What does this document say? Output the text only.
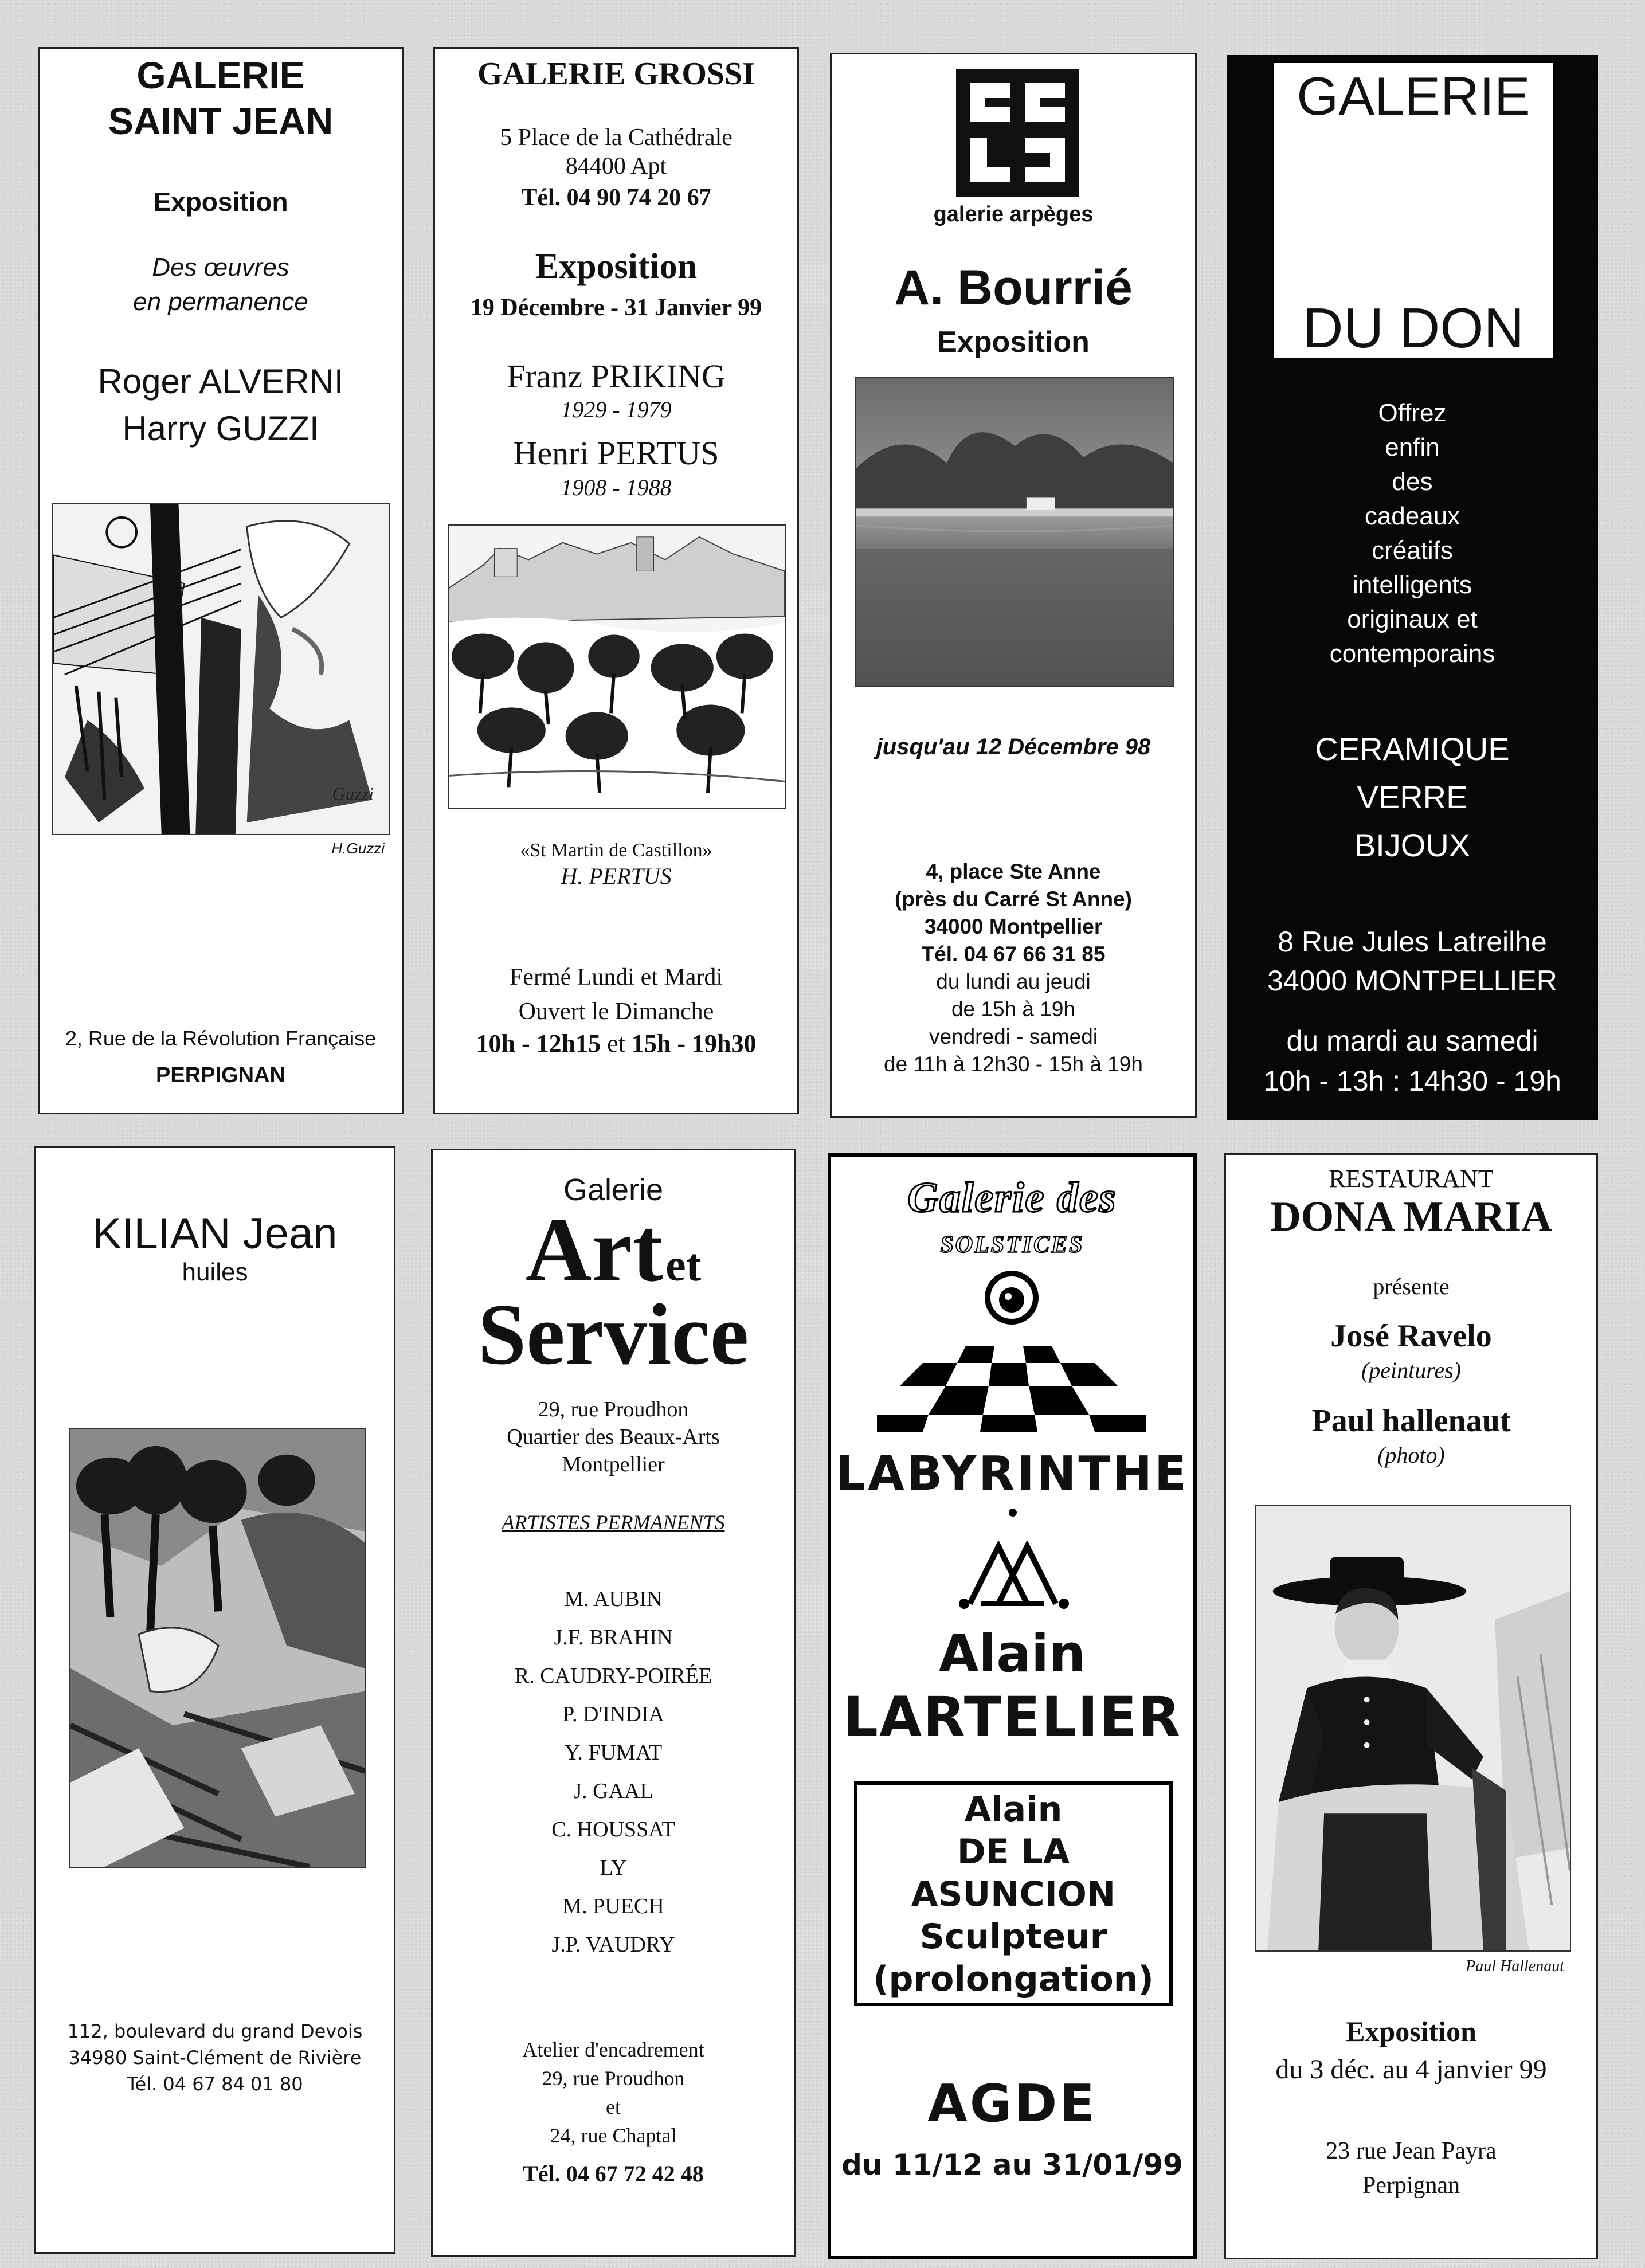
GALERIE
SAINT JEAN
Exposition
Des œuvres
en permanence
Roger ALVERNI
Harry GUZZI
Guzzi
H.Guzzi
2, Rue de la Révolution Française
PERPIGNAN
GALERIE GROSSI
5 Place de la Cathédrale
84400 Apt
Tél. 04 90 74 20 67
Exposition
19 Décembre - 31 Janvier 99
Franz PRIKING
1929 - 1979
Henri PERTUS
1908 - 1988
«St Martin de Castillon»
H. PERTUS
Fermé Lundi et Mardi
Ouvert le Dimanche
10h - 12h15 et 15h - 19h30
galerie arpèges
A. Bourrié
Exposition
jusqu'au 12 Décembre 98
4, place Ste Anne
(près du Carré St Anne)
34000 Montpellier
Tél. 04 67 66 31 85
du lundi au jeudi
de 15h à 19h
vendredi - samedi
de 11h à 12h30 - 15h à 19h
GALERIE
DU DON
Offrez
enfin
des
cadeaux
créatifs
intelligents
originaux et
contemporains
CERAMIQUE
VERRE
BIJOUX
8 Rue Jules Latreilhe
34000 MONTPELLIER
du mardi au samedi
10h - 13h : 14h30 - 19h
KILIAN Jean
huiles
112, boulevard du grand Devois
34980 Saint-Clément de Rivière
Tél. 04 67 84 01 80
Galerie
Art et
Service
29, rue Proudhon
Quartier des Beaux-Arts
Montpellier
ARTISTES PERMANENTS
M. AUBIN
J.F. BRAHIN
R. CAUDRY-POIRÉE
P. D'INDIA
Y. FUMAT
J. GAAL
C. HOUSSAT
LY
M. PUECH
J.P. VAUDRY
Atelier d'encadrement
29, rue Proudhon
et
24, rue Chaptal
Tél. 04 67 72 42 48
Galerie des
SOLSTICES
LABYRINTHE
Alain
LARTELIER
Alain
DE LA
ASUNCION
Sculpteur
(prolongation)
AGDE
du 11/12 au 31/01/99
RESTAURANT
DONA MARIA
présente
José Ravelo
(peintures)
Paul hallenaut
(photo)
Paul Hallenaut
Exposition
du 3 déc. au 4 janvier 99
23 rue Jean Payra
Perpignan
